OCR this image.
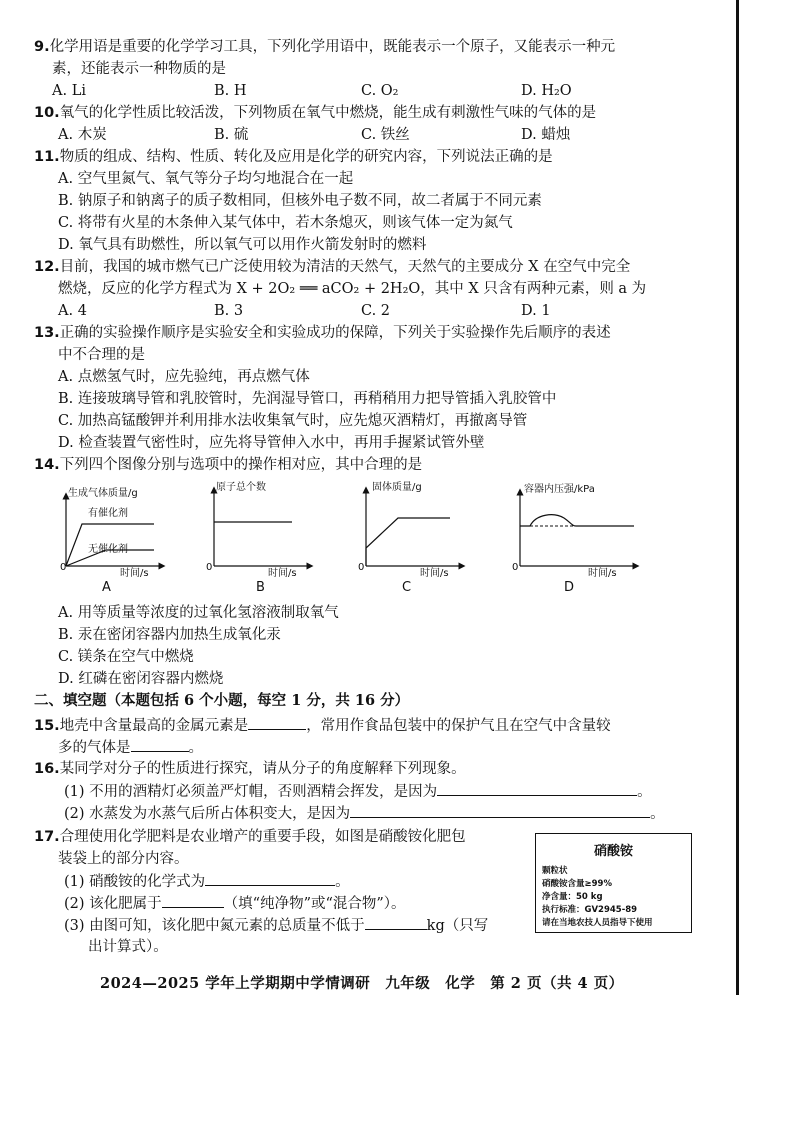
9.化学用语是重要的化学学习工具，下列化学用语中，既能表示一个原子，又能表示一种元
素，还能表示一种物质的是
A. Li	B. H	C. O₂	D. H₂O
10.氧气的化学性质比较活泼，下列物质在氧气中燃烧，能生成有刺激性气味的气体的是
A. 木炭	B. 硫	C. 铁丝	D. 蜡烛
11.物质的组成、结构、性质、转化及应用是化学的研究内容，下列说法正确的是
A. 空气里氮气、氧气等分子均匀地混合在一起
B. 钠原子和钠离子的质子数相同，但核外电子数不同，故二者属于不同元素
C. 将带有火星的木条伸入某气体中，若木条熄灭，则该气体一定为氮气
D. 氧气具有助燃性，所以氧气可以用作火箭发射时的燃料
12.目前，我国的城市燃气已广泛使用较为清洁的天然气，天然气的主要成分 X 在空气中完全
燃烧，反应的化学方程式为 X + 2O₂ ══ aCO₂ + 2H₂O，其中 X 只含有两种元素，则 a 为
A. 4	B. 3	C. 2	D. 1
13.正确的实验操作顺序是实验安全和实验成功的保障，下列关于实验操作先后顺序的表述
中不合理的是
A. 点燃氢气时，应先验纯，再点燃气体
B. 连接玻璃导管和乳胶管时，先润湿导管口，再稍稍用力把导管插入乳胶管中
C. 加热高锰酸钾并利用排水法收集氧气时，应先熄灭酒精灯，再撤离导管
D. 检查装置气密性时，应先将导管伸入水中，再用手握紧试管外壁
14.下列四个图像分别与选项中的操作相对应，其中合理的是
生成气体质量/g
有催化剂
无催化剂
0
时间/s
A
原子总个数
0
时间/s
B
固体质量/g
0
时间/s
C
容器内压强/kPa
0
时间/s
D
A. 用等质量等浓度的过氧化氢溶液制取氧气
B. 汞在密闭容器内加热生成氧化汞
C. 镁条在空气中燃烧
D. 红磷在密闭容器内燃烧
二、填空题（本题包括 6 个小题，每空 1 分，共 16 分）
15.地壳中含量最高的金属元素是	，常用作食品包装中的保护气且在空气中含量较
多的气体是	。
16.某同学对分子的性质进行探究，请从分子的角度解释下列现象。
(1) 不用的酒精灯必须盖严灯帽，否则酒精会挥发，是因为	。
(2) 水蒸发为水蒸气后所占体积变大，是因为	。
17.合理使用化学肥料是农业增产的重要手段，如图是硝酸铵化肥包
装袋上的部分内容。
(1) 硝酸铵的化学式为	。
(2) 该化肥属于	（填“纯净物”或“混合物”）。
(3) 由图可知，该化肥中氮元素的总质量不低于	kg（只写
出计算式）。
硝酸铵
颗粒状
硝酸铵含量≥99%
净含量：50 kg
执行标准：GV2945-89
请在当地农技人员指导下使用
2024—2025 学年上学期期中学情调研　九年级　化学　第 2 页（共 4 页）
